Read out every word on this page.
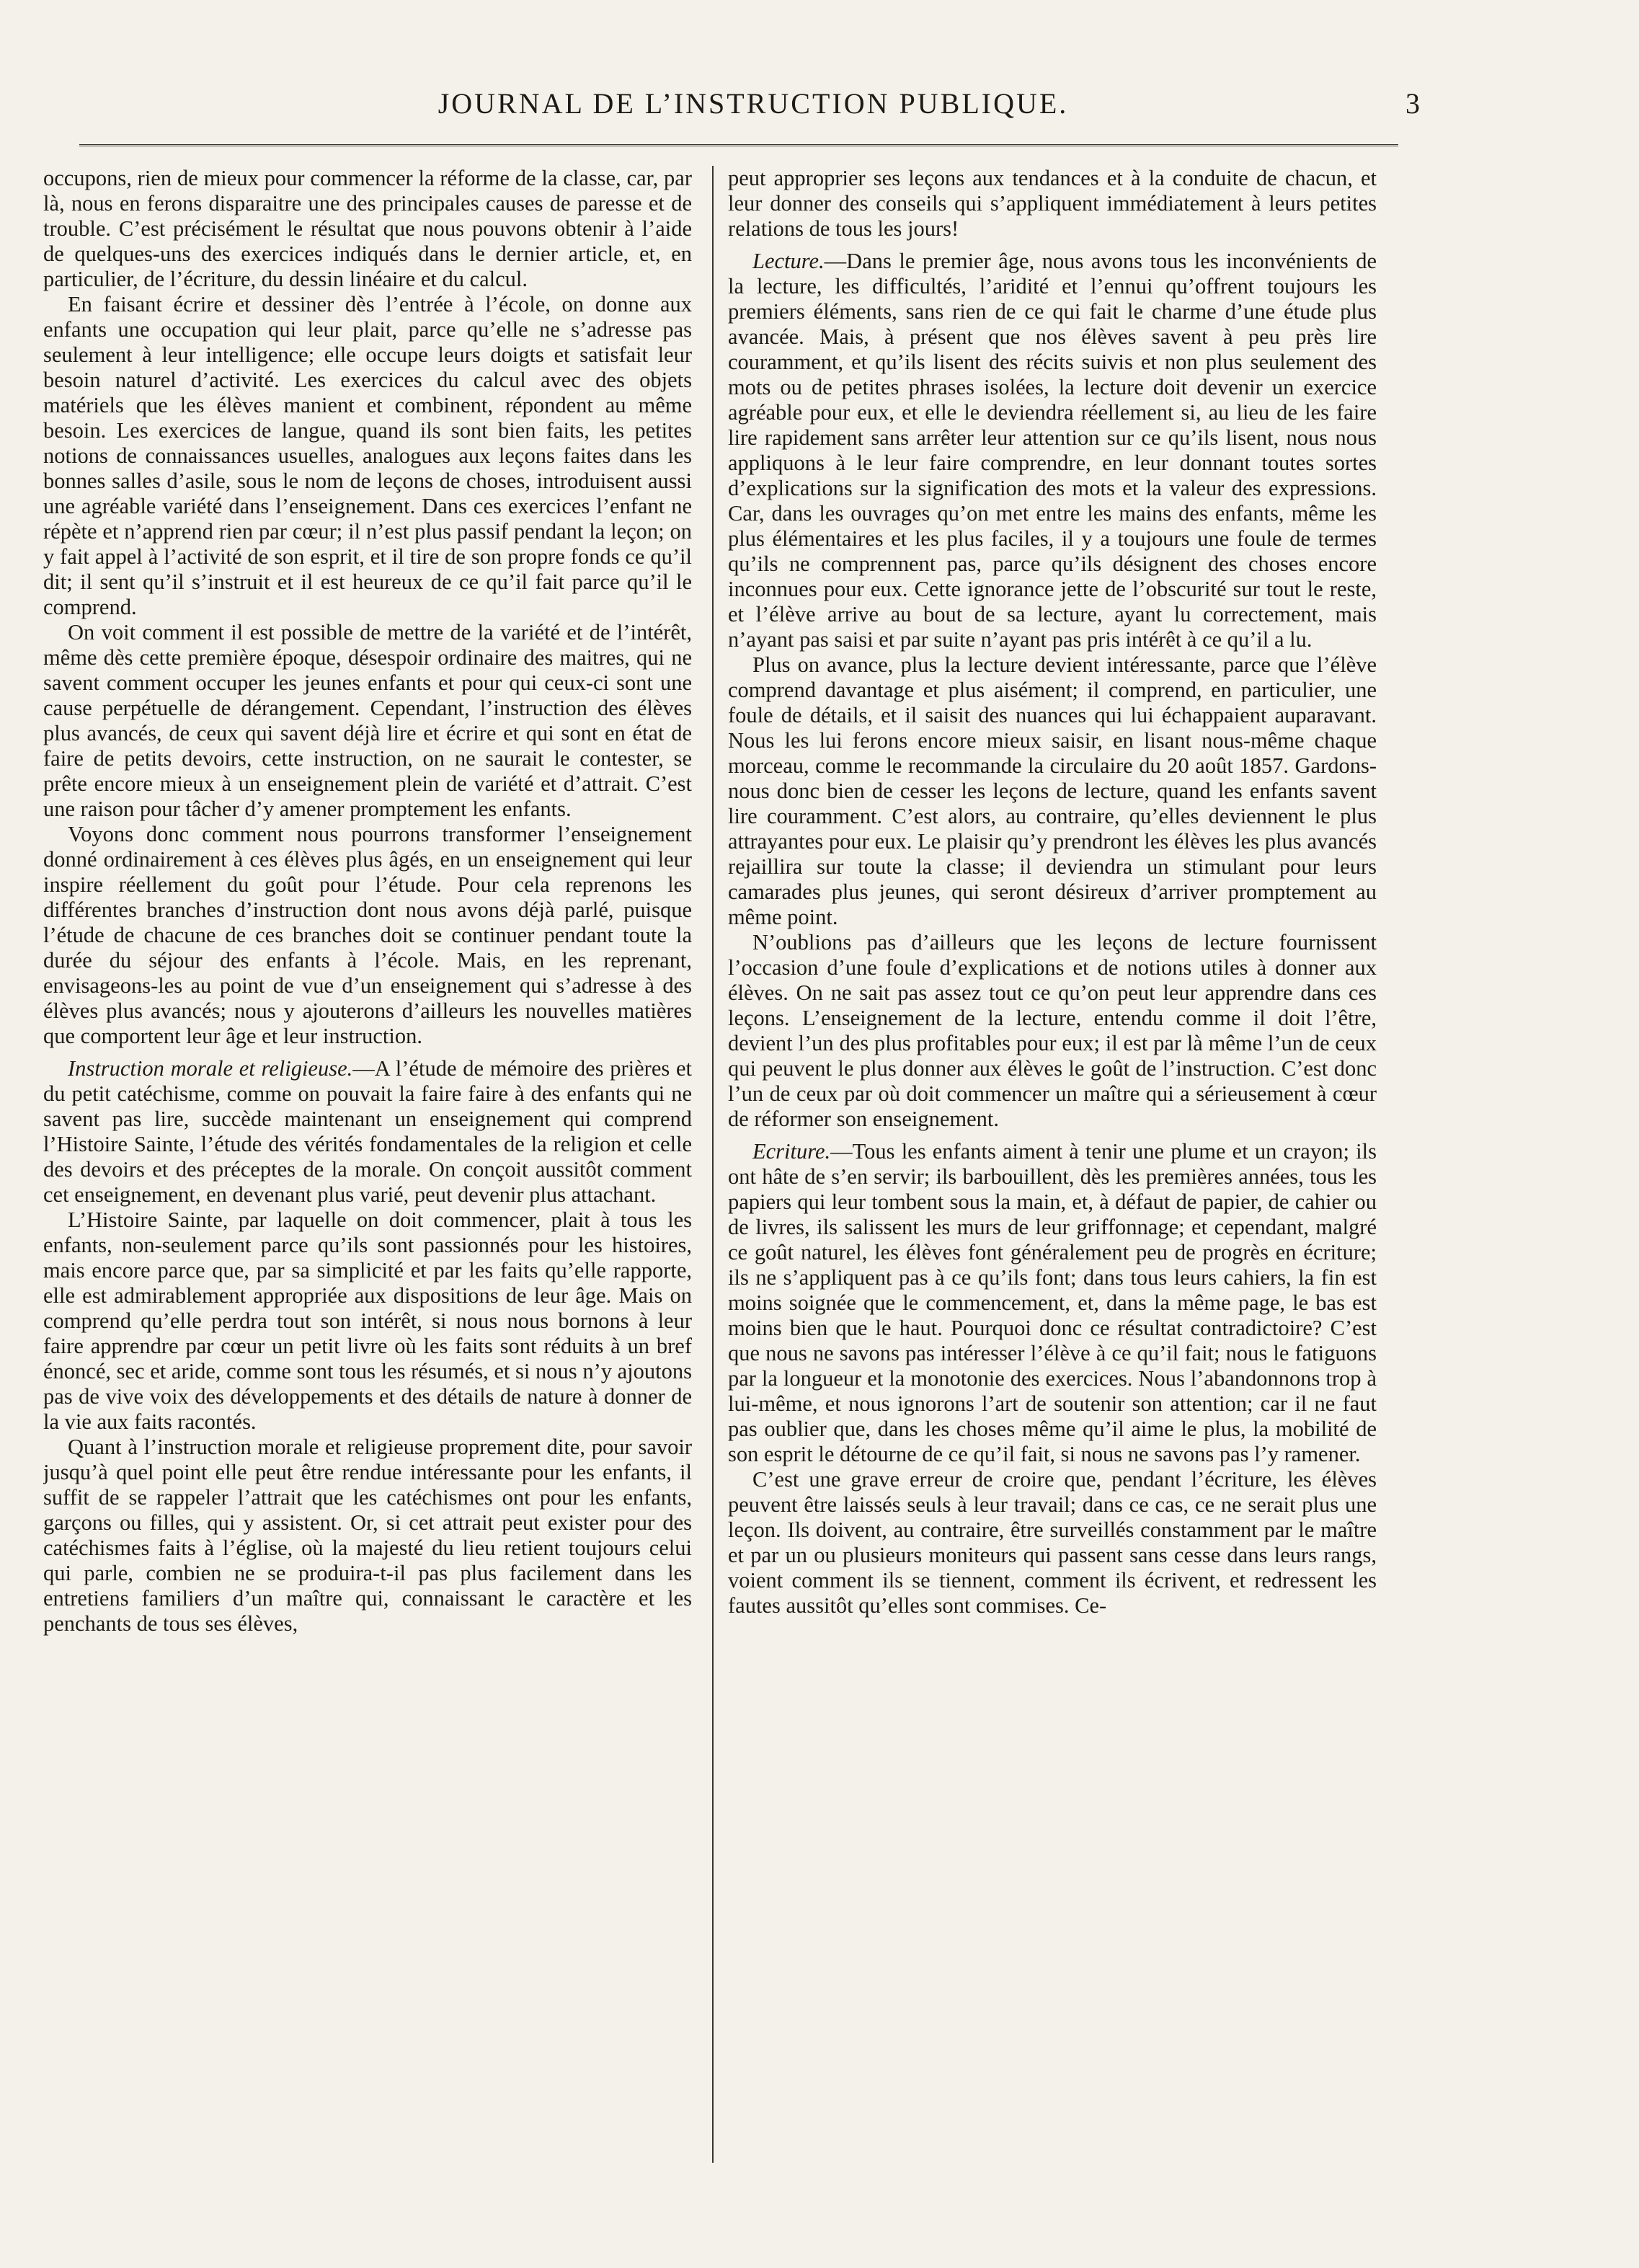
JOURNAL DE L’INSTRUCTION PUBLIQUE.	3

occupons, rien de mieux pour commencer la réforme de la classe, car, par là, nous en ferons disparaitre une des principales causes de paresse et de trouble. C’est précisément le résultat que nous pouvons obtenir à l’aide de quelques-uns des exercices indiqués dans le dernier article, et, en particulier, de l’écriture, du dessin linéaire et du calcul.

En faisant écrire et dessiner dès l’entrée à l’école, on donne aux enfants une occupation qui leur plait, parce qu’elle ne s’adresse pas seulement à leur intelligence; elle occupe leurs doigts et satisfait leur besoin naturel d’activité. Les exercices du calcul avec des objets matériels que les élèves manient et combinent, répondent au même besoin. Les exercices de langue, quand ils sont bien faits, les petites notions de connaissances usuelles, analogues aux leçons faites dans les bonnes salles d’asile, sous le nom de leçons de choses, introduisent aussi une agréable variété dans l’enseignement. Dans ces exercices l’enfant ne répète et n’apprend rien par cœur; il n’est plus passif pendant la leçon; on y fait appel à l’activité de son esprit, et il tire de son propre fonds ce qu’il dit; il sent qu’il s’instruit et il est heureux de ce qu’il fait parce qu’il le comprend.

On voit comment il est possible de mettre de la variété et de l’intérêt, même dès cette première époque, désespoir ordinaire des maitres, qui ne savent comment occuper les jeunes enfants et pour qui ceux-ci sont une cause perpétuelle de dérangement. Cependant, l’instruction des élèves plus avancés, de ceux qui savent déjà lire et écrire et qui sont en état de faire de petits devoirs, cette instruction, on ne saurait le contester, se prête encore mieux à un enseignement plein de variété et d’attrait. C’est une raison pour tâcher d’y amener promptement les enfants.

Voyons donc comment nous pourrons transformer l’enseignement donné ordinairement à ces élèves plus âgés, en un enseignement qui leur inspire réellement du goût pour l’étude. Pour cela reprenons les différentes branches d’instruction dont nous avons déjà parlé, puisque l’étude de chacune de ces branches doit se continuer pendant toute la durée du séjour des enfants à l’école. Mais, en les reprenant, envisageons-les au point de vue d’un enseignement qui s’adresse à des élèves plus avancés; nous y ajouterons d’ailleurs les nouvelles matières que comportent leur âge et leur instruction.

Instruction morale et religieuse.—A l’étude de mémoire des prières et du petit catéchisme, comme on pouvait la faire faire à des enfants qui ne savent pas lire, succède maintenant un enseignement qui comprend l’Histoire Sainte, l’étude des vérités fondamentales de la religion et celle des devoirs et des préceptes de la morale. On conçoit aussitôt comment cet enseignement, en devenant plus varié, peut devenir plus attachant.

L’Histoire Sainte, par laquelle on doit commencer, plait à tous les enfants, non-seulement parce qu’ils sont passionnés pour les histoires, mais encore parce que, par sa simplicité et par les faits qu’elle rapporte, elle est admirablement appropriée aux dispositions de leur âge. Mais on comprend qu’elle perdra tout son intérêt, si nous nous bornons à leur faire apprendre par cœur un petit livre où les faits sont réduits à un bref énoncé, sec et aride, comme sont tous les résumés, et si nous n’y ajoutons pas de vive voix des développements et des détails de nature à donner de la vie aux faits racontés.

Quant à l’instruction morale et religieuse proprement dite, pour savoir jusqu’à quel point elle peut être rendue intéressante pour les enfants, il suffit de se rappeler l’attrait que les catéchismes ont pour les enfants, garçons ou filles, qui y assistent. Or, si cet attrait peut exister pour des catéchismes faits à l’église, où la majesté du lieu retient toujours celui qui parle, combien ne se produira-t-il pas plus facilement dans les entretiens familiers d’un maître qui, connaissant le caractère et les penchants de tous ses élèves,

peut approprier ses leçons aux tendances et à la conduite de chacun, et leur donner des conseils qui s’appliquent immédiatement à leurs petites relations de tous les jours!

Lecture.—Dans le premier âge, nous avons tous les inconvénients de la lecture, les difficultés, l’aridité et l’ennui qu’offrent toujours les premiers éléments, sans rien de ce qui fait le charme d’une étude plus avancée. Mais, à présent que nos élèves savent à peu près lire couramment, et qu’ils lisent des récits suivis et non plus seulement des mots ou de petites phrases isolées, la lecture doit devenir un exercice agréable pour eux, et elle le deviendra réellement si, au lieu de les faire lire rapidement sans arrêter leur attention sur ce qu’ils lisent, nous nous appliquons à le leur faire comprendre, en leur donnant toutes sortes d’explications sur la signification des mots et la valeur des expressions. Car, dans les ouvrages qu’on met entre les mains des enfants, même les plus élémentaires et les plus faciles, il y a toujours une foule de termes qu’ils ne comprennent pas, parce qu’ils désignent des choses encore inconnues pour eux. Cette ignorance jette de l’obscurité sur tout le reste, et l’élève arrive au bout de sa lecture, ayant lu correctement, mais n’ayant pas saisi et par suite n’ayant pas pris intérêt à ce qu’il a lu.

Plus on avance, plus la lecture devient intéressante, parce que l’élève comprend davantage et plus aisément; il comprend, en particulier, une foule de détails, et il saisit des nuances qui lui échappaient auparavant. Nous les lui ferons encore mieux saisir, en lisant nous-même chaque morceau, comme le recommande la circulaire du 20 août 1857. Gardons-nous donc bien de cesser les leçons de lecture, quand les enfants savent lire couramment. C’est alors, au contraire, qu’elles deviennent le plus attrayantes pour eux. Le plaisir qu’y prendront les élèves les plus avancés rejaillira sur toute la classe; il deviendra un stimulant pour leurs camarades plus jeunes, qui seront désireux d’arriver promptement au même point.

N’oublions pas d’ailleurs que les leçons de lecture fournissent l’occasion d’une foule d’explications et de notions utiles à donner aux élèves. On ne sait pas assez tout ce qu’on peut leur apprendre dans ces leçons. L’enseignement de la lecture, entendu comme il doit l’être, devient l’un des plus profitables pour eux; il est par là même l’un de ceux qui peuvent le plus donner aux élèves le goût de l’instruction. C’est donc l’un de ceux par où doit commencer un maître qui a sérieusement à cœur de réformer son enseignement.

Ecriture.—Tous les enfants aiment à tenir une plume et un crayon; ils ont hâte de s’en servir; ils barbouillent, dès les premières années, tous les papiers qui leur tombent sous la main, et, à défaut de papier, de cahier ou de livres, ils salissent les murs de leur griffonnage; et cependant, malgré ce goût naturel, les élèves font généralement peu de progrès en écriture; ils ne s’appliquent pas à ce qu’ils font; dans tous leurs cahiers, la fin est moins soignée que le commencement, et, dans la même page, le bas est moins bien que le haut. Pourquoi donc ce résultat contradictoire? C’est que nous ne savons pas intéresser l’élève à ce qu’il fait; nous le fatiguons par la longueur et la monotonie des exercices. Nous l’abandonnons trop à lui-même, et nous ignorons l’art de soutenir son attention; car il ne faut pas oublier que, dans les choses même qu’il aime le plus, la mobilité de son esprit le détourne de ce qu’il fait, si nous ne savons pas l’y ramener.

C’est une grave erreur de croire que, pendant l’écriture, les élèves peuvent être laissés seuls à leur travail; dans ce cas, ce ne serait plus une leçon. Ils doivent, au contraire, être surveillés constamment par le maître et par un ou plusieurs moniteurs qui passent sans cesse dans leurs rangs, voient comment ils se tiennent, comment ils écrivent, et redressent les fautes aussitôt qu’elles sont commises. Ce-
